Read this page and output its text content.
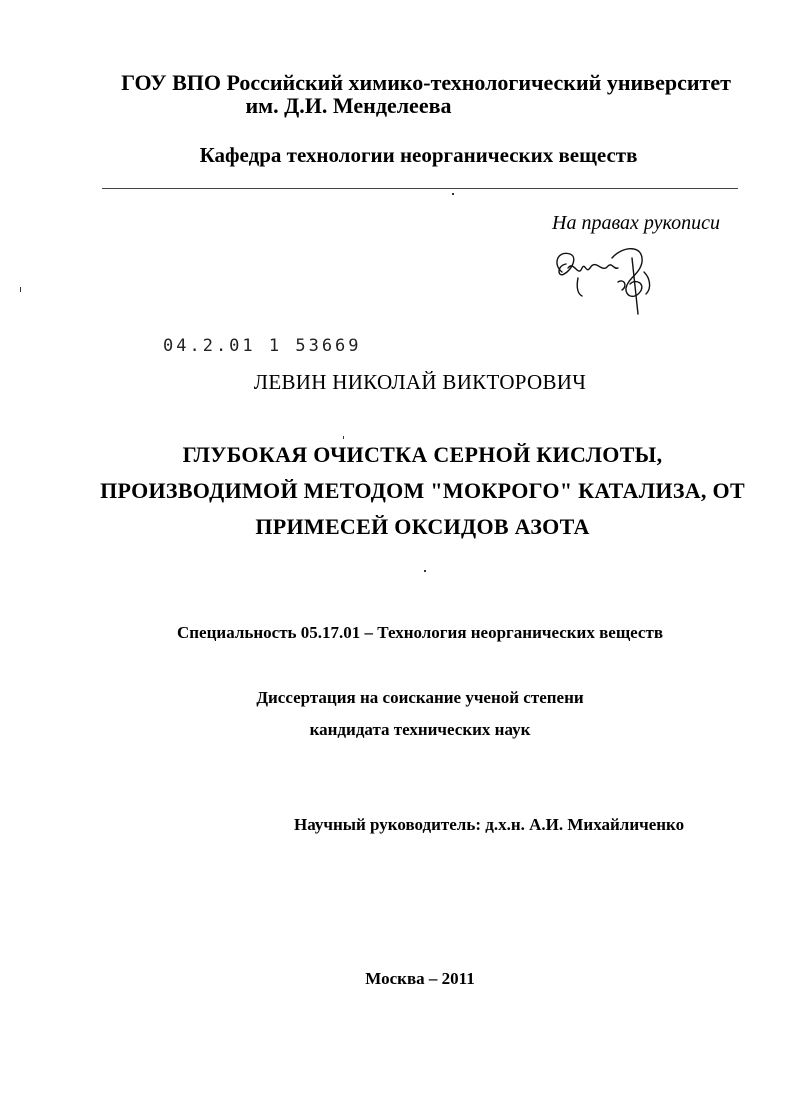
ГОУ ВПО Российский химико-технологический университет
им. Д.И. Менделеева
Кафедра технологии неорганических веществ
На правах рукописи
04.2.01 1 53669
ЛЕВИН НИКОЛАЙ ВИКТОРОВИЧ
ГЛУБОКАЯ ОЧИСТКА СЕРНОЙ КИСЛОТЫ,
ПРОИЗВОДИМОЙ МЕТОДОМ "МОКРОГО" КАТАЛИЗА, ОТ
ПРИМЕСЕЙ ОКСИДОВ АЗОТА
Специальность 05.17.01 – Технология неорганических веществ
Диссертация на соискание ученой степени
кандидата технических наук
Научный руководитель: д.х.н. А.И. Михайличенко
Москва – 2011
